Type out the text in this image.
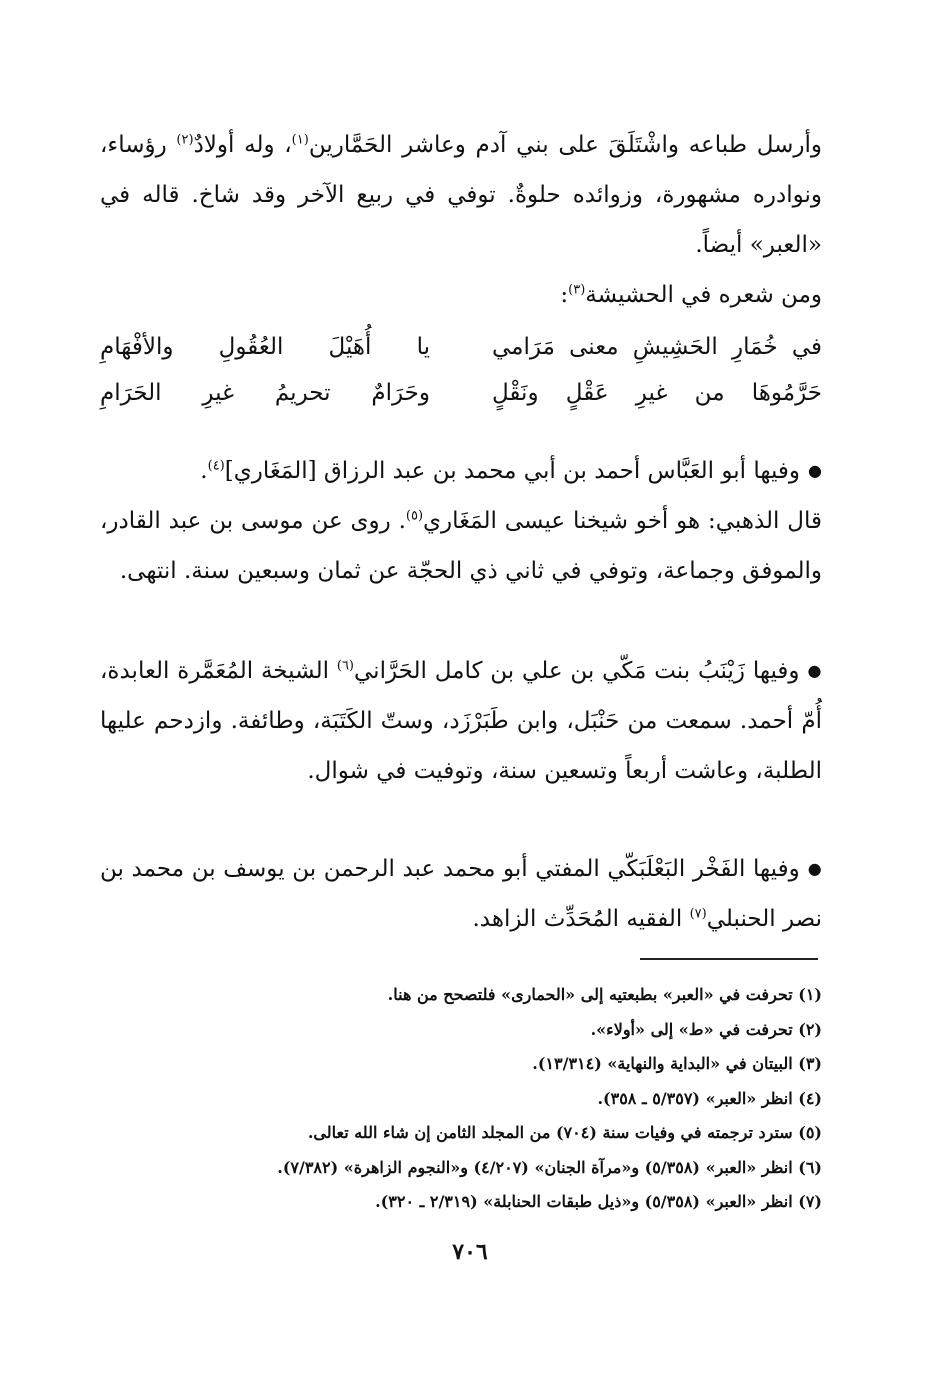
وأرسل طباعه واشْتَلَقَ على بني آدم وعاشر الحَمَّارين$^{(١)}$، وله أولادٌ$^{(٢)}$ رؤساء، ونوادره مشهورة، وزوائده حلوةٌ. توفي في ربيع الآخر وقد شاخ. قاله في «العبر» أيضاً.

ومن شعره في الحشيشة$^{(٣)}$:

في خُمَارِ الحَشِيشِ معنى مَرَامي
يا أُهَيْلَ العُقُولِ والأفْهَامِ
حَرَّمُوهَا من غيرِ عَقْلٍ ونَقْلٍ
وحَرَامٌ تحريمُ غيرِ الحَرَامِ

●وفيها أبو العَبَّاس أحمد بن أبي محمد بن عبد الرزاق [المَغَاري]$^{(٤)}$.

قال الذهبي: هو أخو شيخنا عيسى المَغَاري$^{(٥)}$. روى عن موسى بن عبد القادر، والموفق وجماعة، وتوفي في ثاني ذي الحجّة عن ثمان وسبعين سنة. انتهى.

●وفيها زَيْنَبُ بنت مَكّي بن علي بن كامل الحَرَّاني$^{(٦)}$ الشيخة المُعَمَّرة العابدة، أُمّ أحمد. سمعت من حَنْبَل، وابن طَبَرْزَد، وستّ الكَتَبَة، وطائفة. وازدحم عليها الطلبة، وعاشت أربعاً وتسعين سنة، وتوفيت في شوال.

●وفيها الفَخْر البَعْلَبَكّي المفتي أبو محمد عبد الرحمن بن يوسف بن محمد بن نصر الحنبلي$^{(٧)}$ الفقيه المُحَدِّث الزاهد.

(١) تحرفت في «العبر» بطبعتيه إلى «الحمارى» فلتصحح من هنا.
(٢) تحرفت في «ط» إلى «أولاء».
(٣) البيتان في «البداية والنهاية» (١٣/٣١٤).
(٤) انظر «العبر» (٥/٣٥٧ ـ ٣٥٨).
(٥) سترد ترجمته في وفيات سنة (٧٠٤) من المجلد الثامن إن شاء الله تعالى.
(٦) انظر «العبر» (٥/٣٥٨) و«مرآة الجنان» (٤/٢٠٧) و«النجوم الزاهرة» (٧/٣٨٢).
(٧) انظر «العبر» (٥/٣٥٨) و«ذيل طبقات الحنابلة» (٢/٣١٩ ـ ٣٢٠).
٧٠٦
